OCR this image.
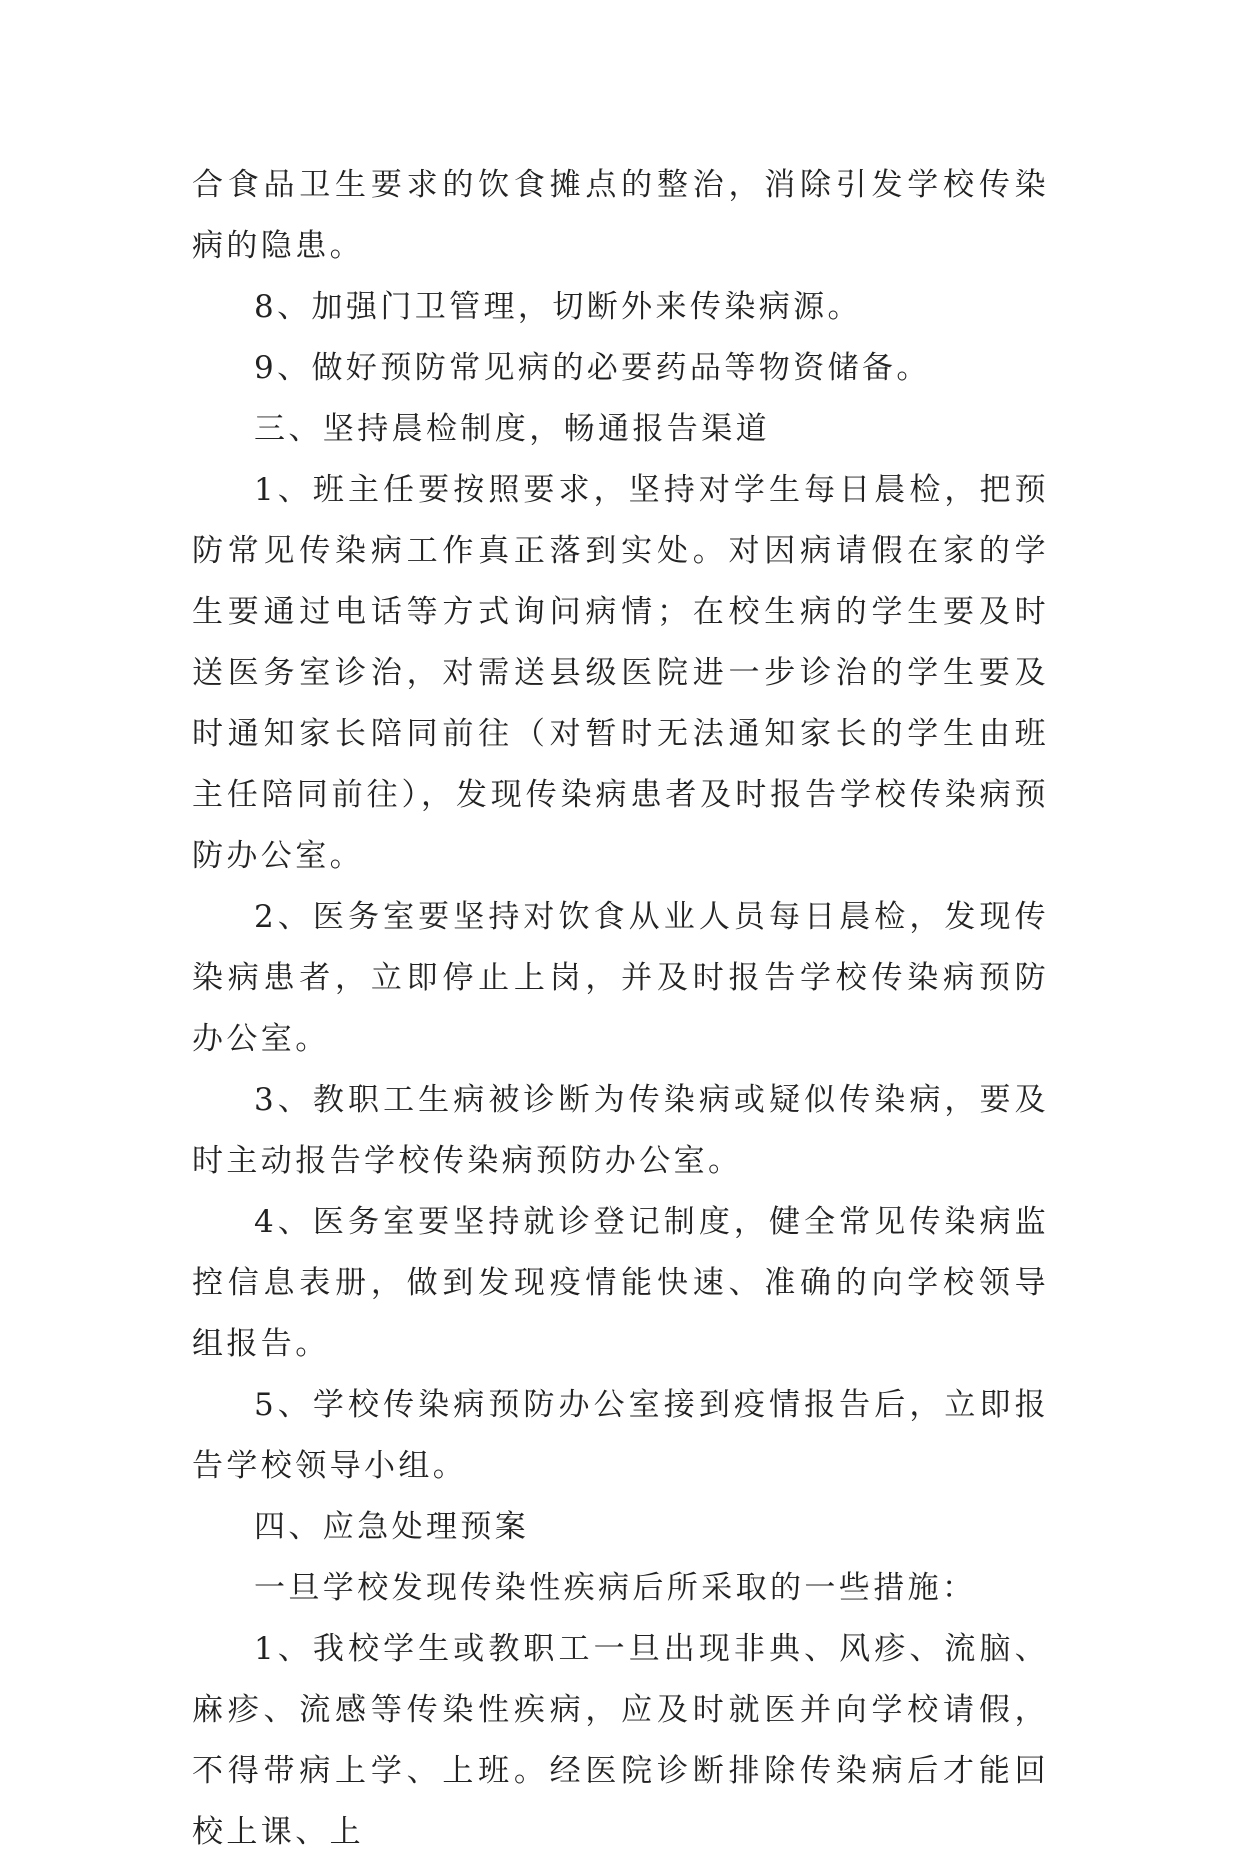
合食品卫生要求的饮食摊点的整治，消除引发学校传染病的隐患。

8、加强门卫管理，切断外来传染病源。

9、做好预防常见病的必要药品等物资储备。

三、坚持晨检制度，畅通报告渠道

1、班主任要按照要求，坚持对学生每日晨检，把预防常见传染病工作真正落到实处。对因病请假在家的学生要通过电话等方式询问病情；在校生病的学生要及时送医务室诊治，对需送县级医院进一步诊治的学生要及时通知家长陪同前往（对暂时无法通知家长的学生由班主任陪同前往），发现传染病患者及时报告学校传染病预防办公室。

2、医务室要坚持对饮食从业人员每日晨检，发现传染病患者，立即停止上岗，并及时报告学校传染病预防办公室。

3、教职工生病被诊断为传染病或疑似传染病，要及时主动报告学校传染病预防办公室。

4、医务室要坚持就诊登记制度，健全常见传染病监控信息表册，做到发现疫情能快速、准确的向学校领导组报告。

5、学校传染病预防办公室接到疫情报告后，立即报告学校领导小组。

四、应急处理预案

一旦学校发现传染性疾病后所采取的一些措施：

1、我校学生或教职工一旦出现非典、风疹、流脑、麻疹、流感等传染性疾病，应及时就医并向学校请假，不得带病上学、上班。经医院诊断排除传染病后才能回校上课、上
